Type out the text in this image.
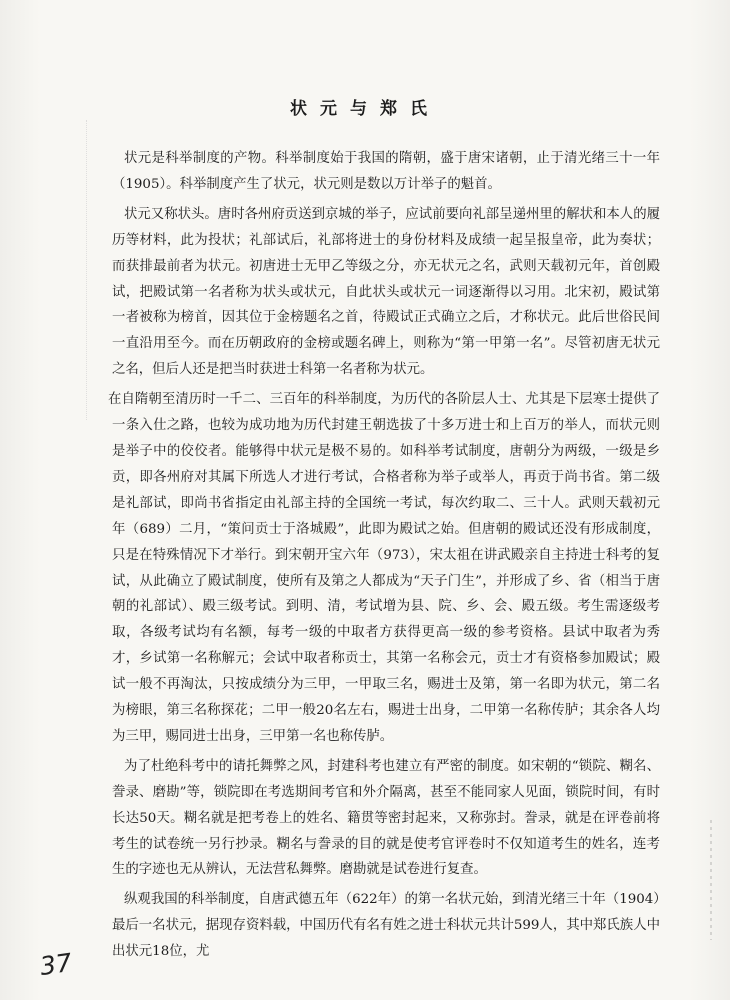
状元与郑氏

状元是科举制度的产物。科举制度始于我国的隋朝，盛于唐宋诸朝，止于清光绪三十一年（1905）。科举制度产生了状元，状元则是数以万计举子的魁首。

状元又称状头。唐时各州府贡送到京城的举子，应试前要向礼部呈递州里的解状和本人的履历等材料，此为投状；礼部试后，礼部将进士的身份材料及成绩一起呈报皇帝，此为奏状；而获排最前者为状元。初唐进士无甲乙等级之分，亦无状元之名，武则天载初元年，首创殿试，把殿试第一名者称为状头或状元，自此状头或状元一词逐渐得以习用。北宋初，殿试第一者被称为榜首，因其位于金榜题名之首，待殿试正式确立之后，才称状元。此后世俗民间一直沿用至今。而在历朝政府的金榜或题名碑上，则称为“第一甲第一名”。尽管初唐无状元之名，但后人还是把当时获进士科第一名者称为状元。

在自隋朝至清历时一千二、三百年的科举制度，为历代的各阶层人士、尤其是下层寒士提供了一条入仕之路，也较为成功地为历代封建王朝选拔了十多万进士和上百万的举人，而状元则是举子中的佼佼者。能够得中状元是极不易的。如科举考试制度，唐朝分为两级，一级是乡贡，即各州府对其属下所选人才进行考试，合格者称为举子或举人，再贡于尚书省。第二级是礼部试，即尚书省指定由礼部主持的全国统一考试，每次约取二、三十人。武则天载初元年（689）二月，“策问贡士于洛城殿”，此即为殿试之始。但唐朝的殿试还没有形成制度，只是在特殊情况下才举行。到宋朝开宝六年（973），宋太祖在讲武殿亲自主持进士科考的复试，从此确立了殿试制度，使所有及第之人都成为“天子门生”，并形成了乡、省（相当于唐朝的礼部试）、殿三级考试。到明、清，考试增为县、院、乡、会、殿五级。考生需逐级考取，各级考试均有名额，每考一级的中取者方获得更高一级的参考资格。县试中取者为秀才，乡试第一名称解元；会试中取者称贡士，其第一名称会元，贡士才有资格参加殿试；殿试一般不再淘汰，只按成绩分为三甲，一甲取三名，赐进士及第，第一名即为状元，第二名为榜眼，第三名称探花；二甲一般20名左右，赐进士出身，二甲第一名称传胪；其余各人均为三甲，赐同进士出身，三甲第一名也称传胪。

为了杜绝科考中的请托舞弊之风，封建科考也建立有严密的制度。如宋朝的“锁院、糊名、誊录、磨勘”等，锁院即在考选期间考官和外介隔离，甚至不能同家人见面，锁院时间，有时长达50天。糊名就是把考卷上的姓名、籍贯等密封起来，又称弥封。誊录，就是在评卷前将考生的试卷统一另行抄录。糊名与誊录的目的就是使考官评卷时不仅知道考生的姓名，连考生的字迹也无从辨认，无法营私舞弊。磨勘就是试卷进行复查。

纵观我国的科举制度，自唐武德五年（622年）的第一名状元始，到清光绪三十年（1904）最后一名状元，据现存资料载，中国历代有名有姓之进士科状元共计599人，其中郑氏族人中出状元18位，尤

37
